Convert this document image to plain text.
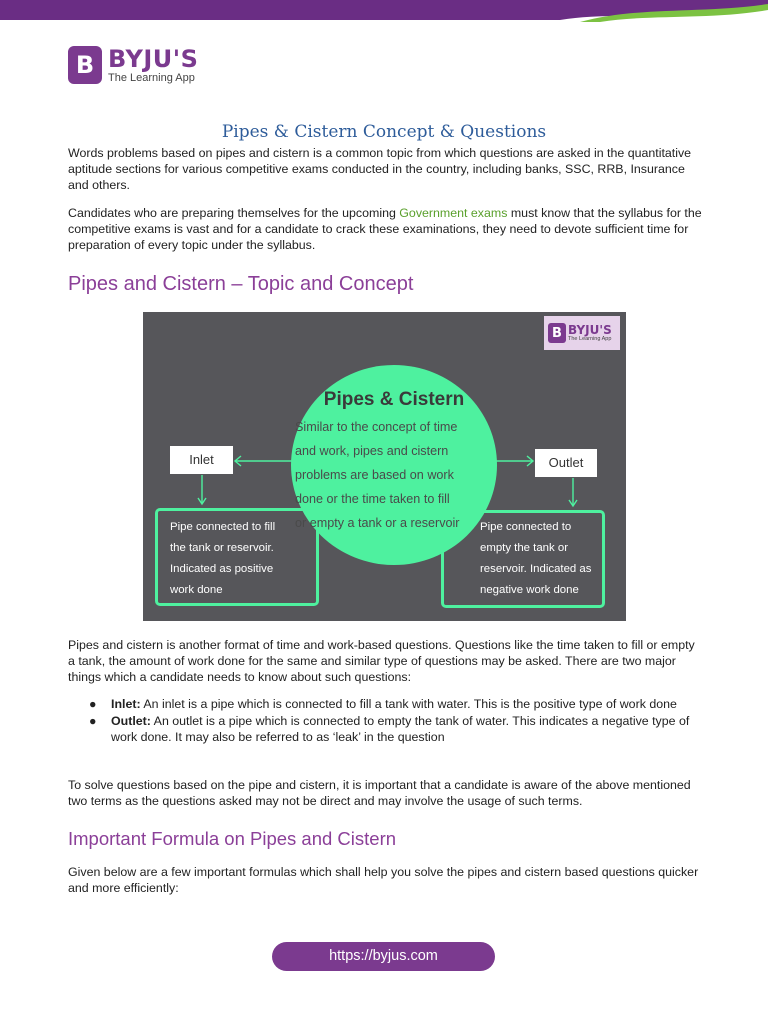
B BYJU'S
The Learning App
Pipes & Cistern Concept & Questions

Words problems based on pipes and cistern is a common topic from which questions are asked in the quantitative aptitude sections for various competitive exams conducted in the country, including banks, SSC, RRB, Insurance and others.

Candidates who are preparing themselves for the upcoming Government exams must know that the syllabus for the competitive exams is vast and for a candidate to crack these examinations, they need to devote sufficient time for preparation of every topic under the syllabus.

Pipes and Cistern – Topic and Concept
B BYJU'S
The Learning App
Pipe connected to fill
the tank or reservoir.
Indicated as positive
work done
Pipe connected to
empty the tank or
reservoir. Indicated as
negative work done
Pipes & Cistern
Similar to the concept of time
and work, pipes and cistern
problems are based on work
done or the time taken to fill
or empty a tank or a reservoir
Inlet	Outlet

Pipes and cistern is another format of time and work-based questions. Questions like the time taken to fill or empty a tank, the amount of work done for the same and similar type of questions may be asked. There are two major things which a candidate needs to know about such questions:

● Inlet: An inlet is a pipe which is connected to fill a tank with water. This is the positive type of work done
● Outlet: An outlet is a pipe which is connected to empty the tank of water. This indicates a negative type of work done. It may also be referred to as ‘leak’ in the question

To solve questions based on the pipe and cistern, it is important that a candidate is aware of the above mentioned two terms as the questions asked may not be direct and may involve the usage of such terms.

Important Formula on Pipes and Cistern

Given below are a few important formulas which shall help you solve the pipes and cistern based questions quicker and more efficiently:

https://byjus.com
